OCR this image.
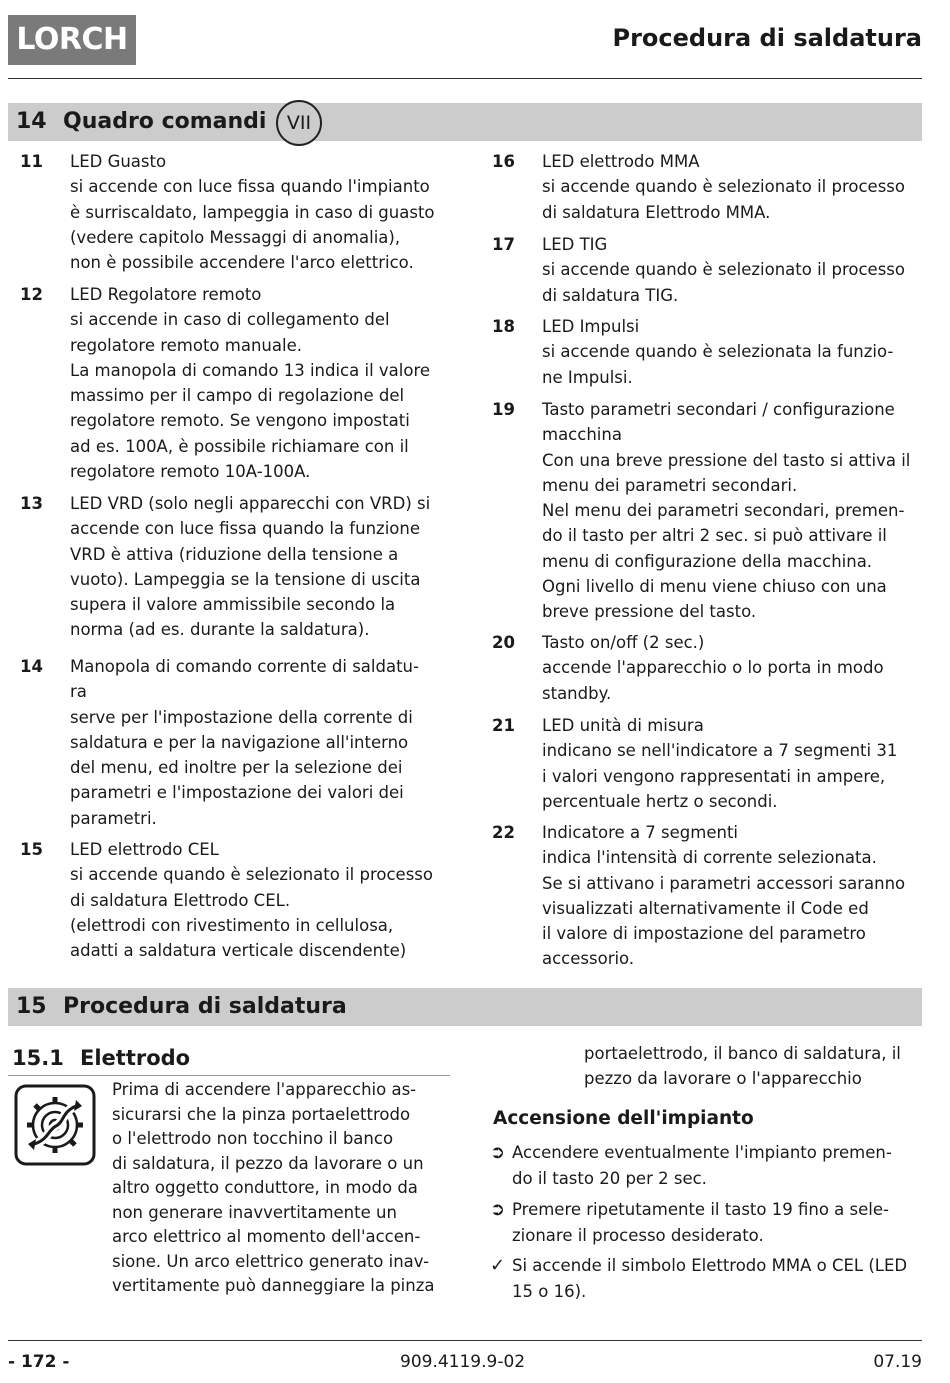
LORCH	Procedura di saldatura
14 Quadro comandi	VII
11 LED Guasto
si accende con luce fissa quando l'impianto
è surriscaldato, lampeggia in caso di guasto
(vedere capitolo Messaggi di anomalia),
non è possibile accendere l'arco elettrico.
12 LED Regolatore remoto
si accende in caso di collegamento del
regolatore remoto manuale.
La manopola di comando 13 indica il valore
massimo per il campo di regolazione del
regolatore remoto. Se vengono impostati
ad es. 100A, è possibile richiamare con il
regolatore remoto 10A-100A.
13 LED VRD (solo negli apparecchi con VRD) si
accende con luce fissa quando la funzione
VRD è attiva (riduzione della tensione a
vuoto). Lampeggia se la tensione di uscita
supera il valore ammissibile secondo la
norma (ad es. durante la saldatura).
14 Manopola di comando corrente di saldatu-
ra
serve per l'impostazione della corrente di
saldatura e per la navigazione all'interno
del menu, ed inoltre per la selezione dei
parametri e l'impostazione dei valori dei
parametri.
15 LED elettrodo CEL
si accende quando è selezionato il processo
di saldatura Elettrodo CEL.
(elettrodi con rivestimento in cellulosa,
adatti a saldatura verticale discendente)
16 LED elettrodo MMA
si accende quando è selezionato il processo
di saldatura Elettrodo MMA.
17 LED TIG
si accende quando è selezionato il processo
di saldatura TIG.
18 LED Impulsi
si accende quando è selezionata la funzio-
ne Impulsi.
19 Tasto parametri secondari / configurazione
macchina
Con una breve pressione del tasto si attiva il
menu dei parametri secondari.
Nel menu dei parametri secondari, premen-
do il tasto per altri 2 sec. si può attivare il
menu di configurazione della macchina.
Ogni livello di menu viene chiuso con una
breve pressione del tasto.
20 Tasto on/off (2 sec.)
accende l'apparecchio o lo porta in modo
standby.
21 LED unità di misura
indicano se nell'indicatore a 7 segmenti 31
i valori vengono rappresentati in ampere,
percentuale hertz o secondi.
22 Indicatore a 7 segmenti
indica l'intensità di corrente selezionata.
Se si attivano i parametri accessori saranno
visualizzati alternativamente il Code ed
il valore di impostazione del parametro
accessorio.
15 Procedura di saldatura
15.1 Elettrodo
Prima di accendere l'apparecchio as-
sicurarsi che la pinza portaelettrodo
o l'elettrodo non tocchino il banco
di saldatura, il pezzo da lavorare o un
altro oggetto conduttore, in modo da
non generare inavvertitamente un
arco elettrico al momento dell'accen-
sione. Un arco elettrico generato inav-
vertitamente può danneggiare la pinza
portaelettrodo, il banco di saldatura, il
pezzo da lavorare o l'apparecchio
Accensione dell'impianto
➲ Accendere eventualmente l'impianto premen-
do il tasto 20 per 2 sec.
➲ Premere ripetutamente il tasto 19 fino a sele-
zionare il processo desiderato.
✓ Si accende il simbolo Elettrodo MMA o CEL (LED
15 o 16).
- 172 -	909.4119.9-02	07.19
